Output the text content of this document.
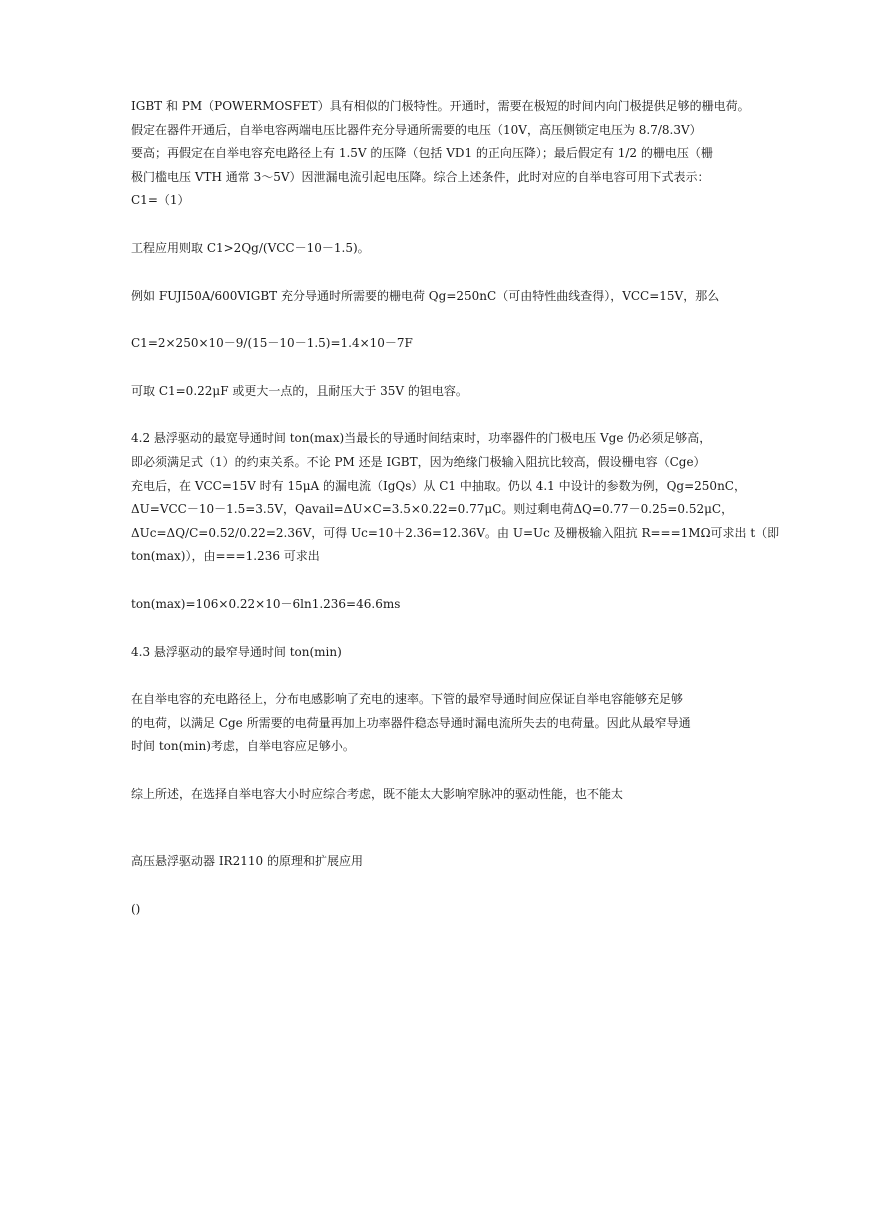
IGBT 和 PM（POWERMOSFET）具有相似的门极特性。开通时，需要在极短的时间内向门极提供足够的栅电荷。
假定在器件开通后，自举电容两端电压比器件充分导通所需要的电压（10V，高压侧锁定电压为 8.7/8.3V）
要高；再假定在自举电容充电路径上有 1.5V 的压降（包括 VD1 的正向压降）；最后假定有 1/2 的栅电压（栅
极门槛电压 VTH 通常 3～5V）因泄漏电流引起电压降。综合上述条件，此时对应的自举电容可用下式表示：
C1=（1）
工程应用则取 C1>2Qg/(VCC－10－1.5)。
例如 FUJI50A/600VIGBT 充分导通时所需要的栅电荷 Qg=250nC（可由特性曲线查得），VCC=15V，那么
C1=2×250×10－9/(15－10－1.5)=1.4×10－7F
可取 C1=0.22μF 或更大一点的，且耐压大于 35V 的钽电容。
4.2 悬浮驱动的最宽导通时间 ton(max)当最长的导通时间结束时，功率器件的门极电压 Vge 仍必须足够高，
即必须满足式（1）的约束关系。不论 PM 还是 IGBT，因为绝缘门极输入阻抗比较高，假设栅电容（Cge）
充电后，在 VCC=15V 时有 15μA 的漏电流（IgQs）从 C1 中抽取。仍以 4.1 中设计的参数为例，Qg=250nC，
ΔU=VCC－10－1.5=3.5V，Qavail=ΔU×C=3.5×0.22=0.77μC。则过剩电荷ΔQ=0.77－0.25=0.52μC，
ΔUc=ΔQ/C=0.52/0.22=2.36V，可得 Uc=10＋2.36=12.36V。由 U=Uc 及栅极输入阻抗 R===1MΩ可求出 t（即
ton(max)），由===1.236 可求出
ton(max)=106×0.22×10－6ln1.236=46.6ms
4.3 悬浮驱动的最窄导通时间 ton(min)
在自举电容的充电路径上，分布电感影响了充电的速率。下管的最窄导通时间应保证自举电容能够充足够
的电荷，以满足 Cge 所需要的电荷量再加上功率器件稳态导通时漏电流所失去的电荷量。因此从最窄导通
时间 ton(min)考虑，自举电容应足够小。
综上所述，在选择自举电容大小时应综合考虑，既不能太大影响窄脉冲的驱动性能，也不能太
高压悬浮驱动器 IR2110 的原理和扩展应用
()
